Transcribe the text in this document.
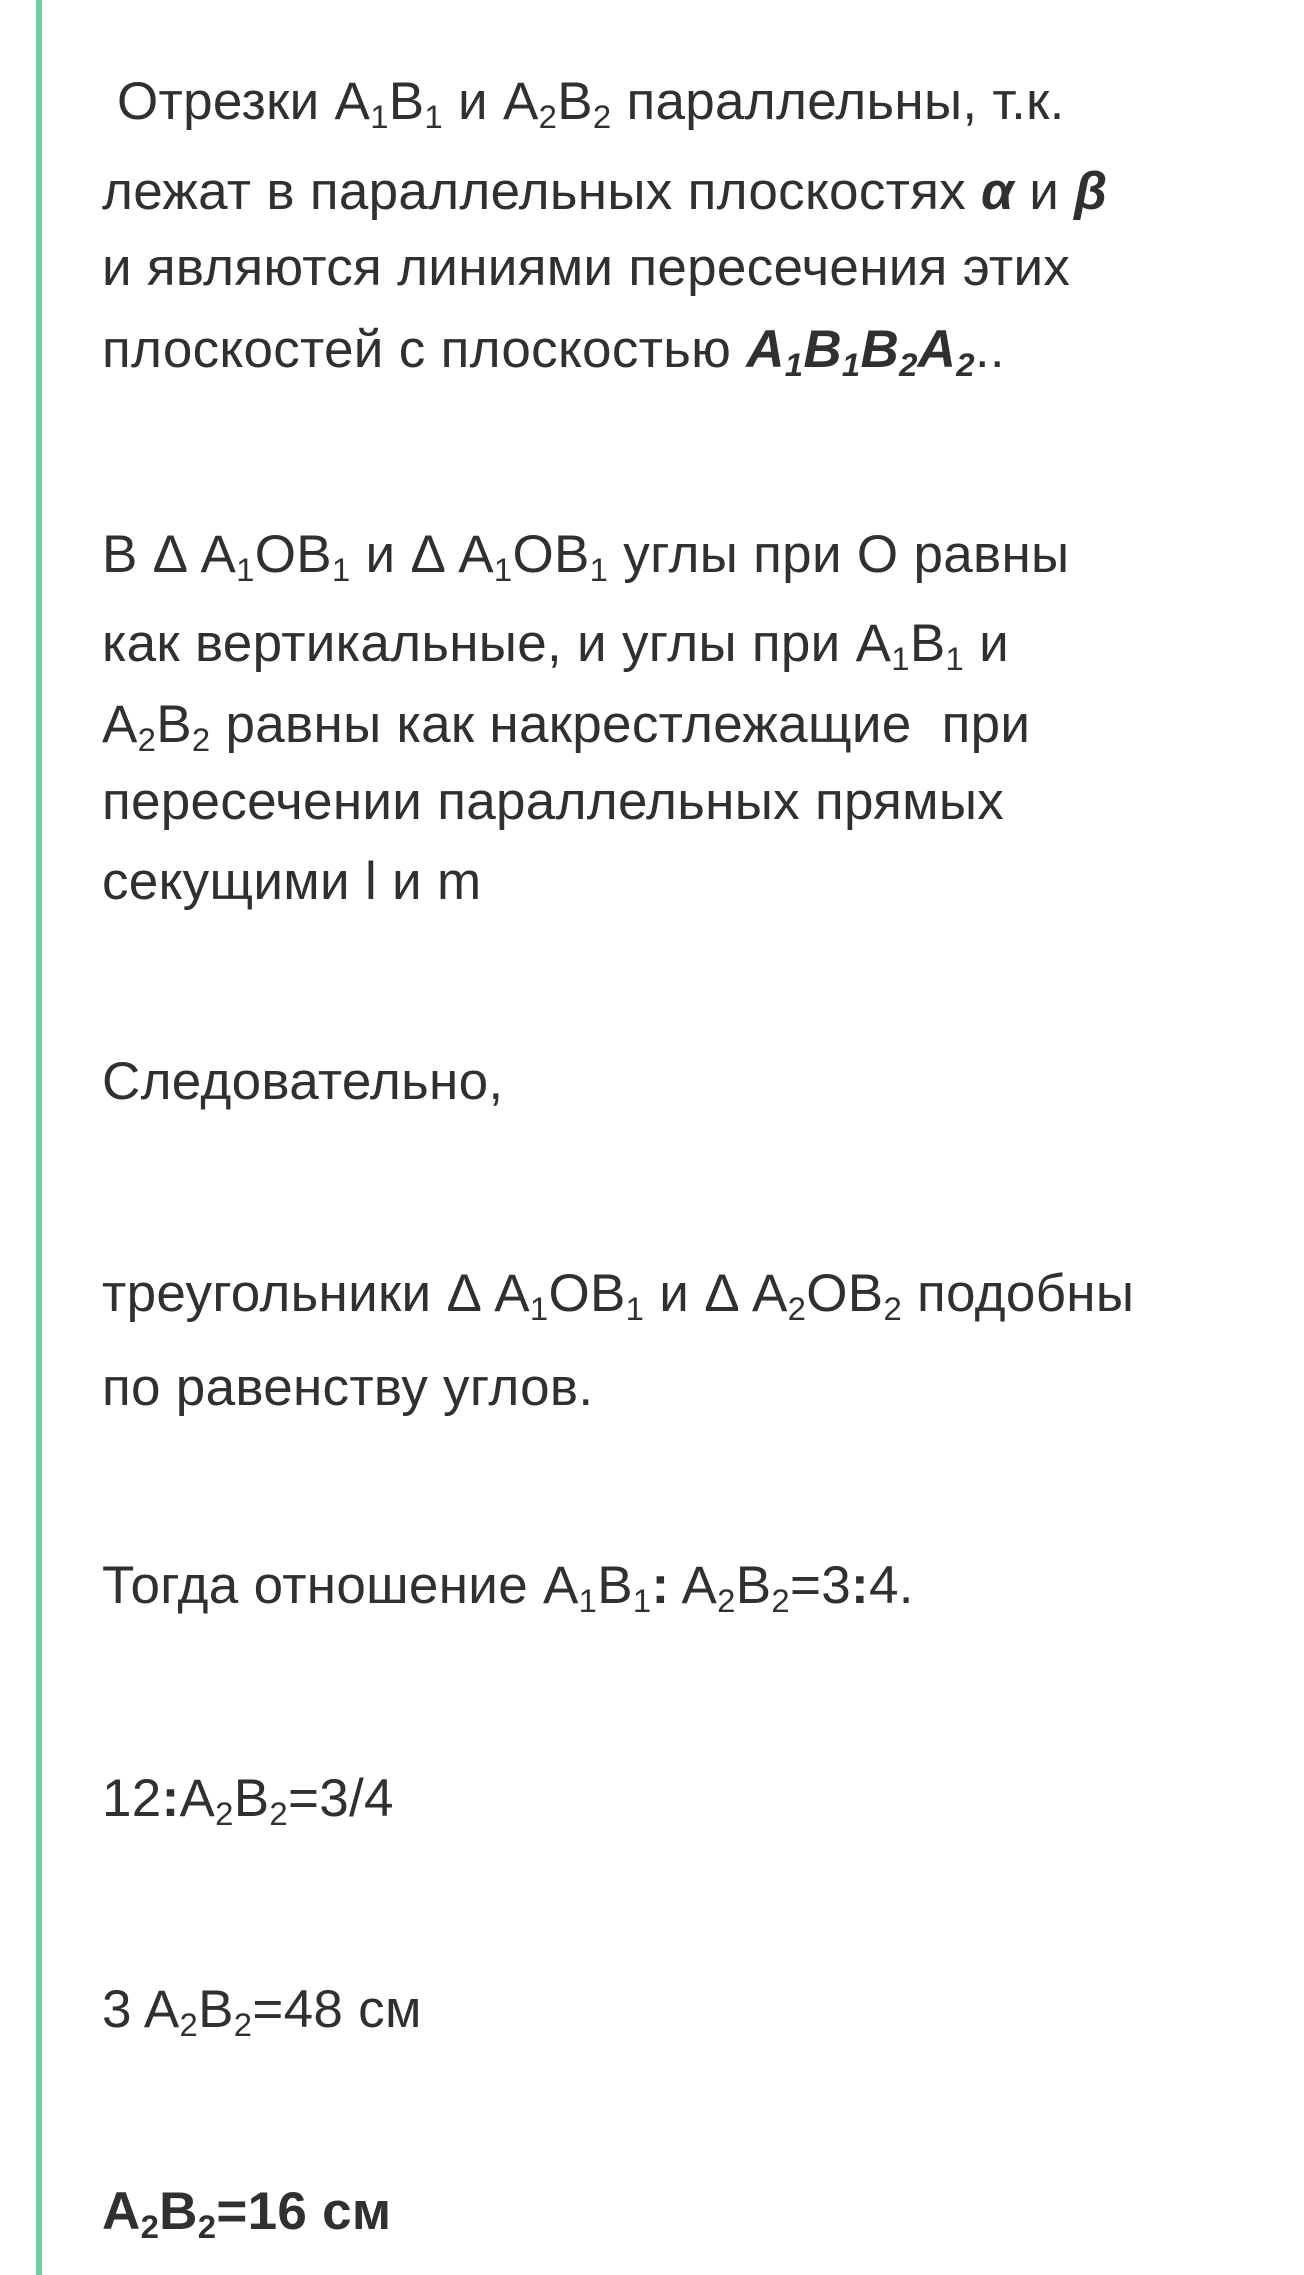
Отрезки $A_1B_1$ и $A_2B_2$ параллельны, т.к.
лежат в параллельных плоскостях α и β
и являются линиями пересечения этих
плоскостей с плоскостью $A_1B_1B_2A_2$..
В Δ $A_1OB_1$ и Δ $A_1OB_1$ углы при O равны
как вертикальные, и углы при $A_1B_1$ и
$A_2B_2$ равны как накрестлежащие  при
пересечении параллельных прямых
секущими l и m
Следовательно,
треугольники Δ $A_1OB_1$ и Δ $A_2OB_2$ подобны
по равенству углов.
Тогда отношение $A_1B_1$: $A_2B_2=3:4$.
$12:A_2B_2=3/4$
3 $A_2B_2=48$ см
$A_2B_2=16$ см
